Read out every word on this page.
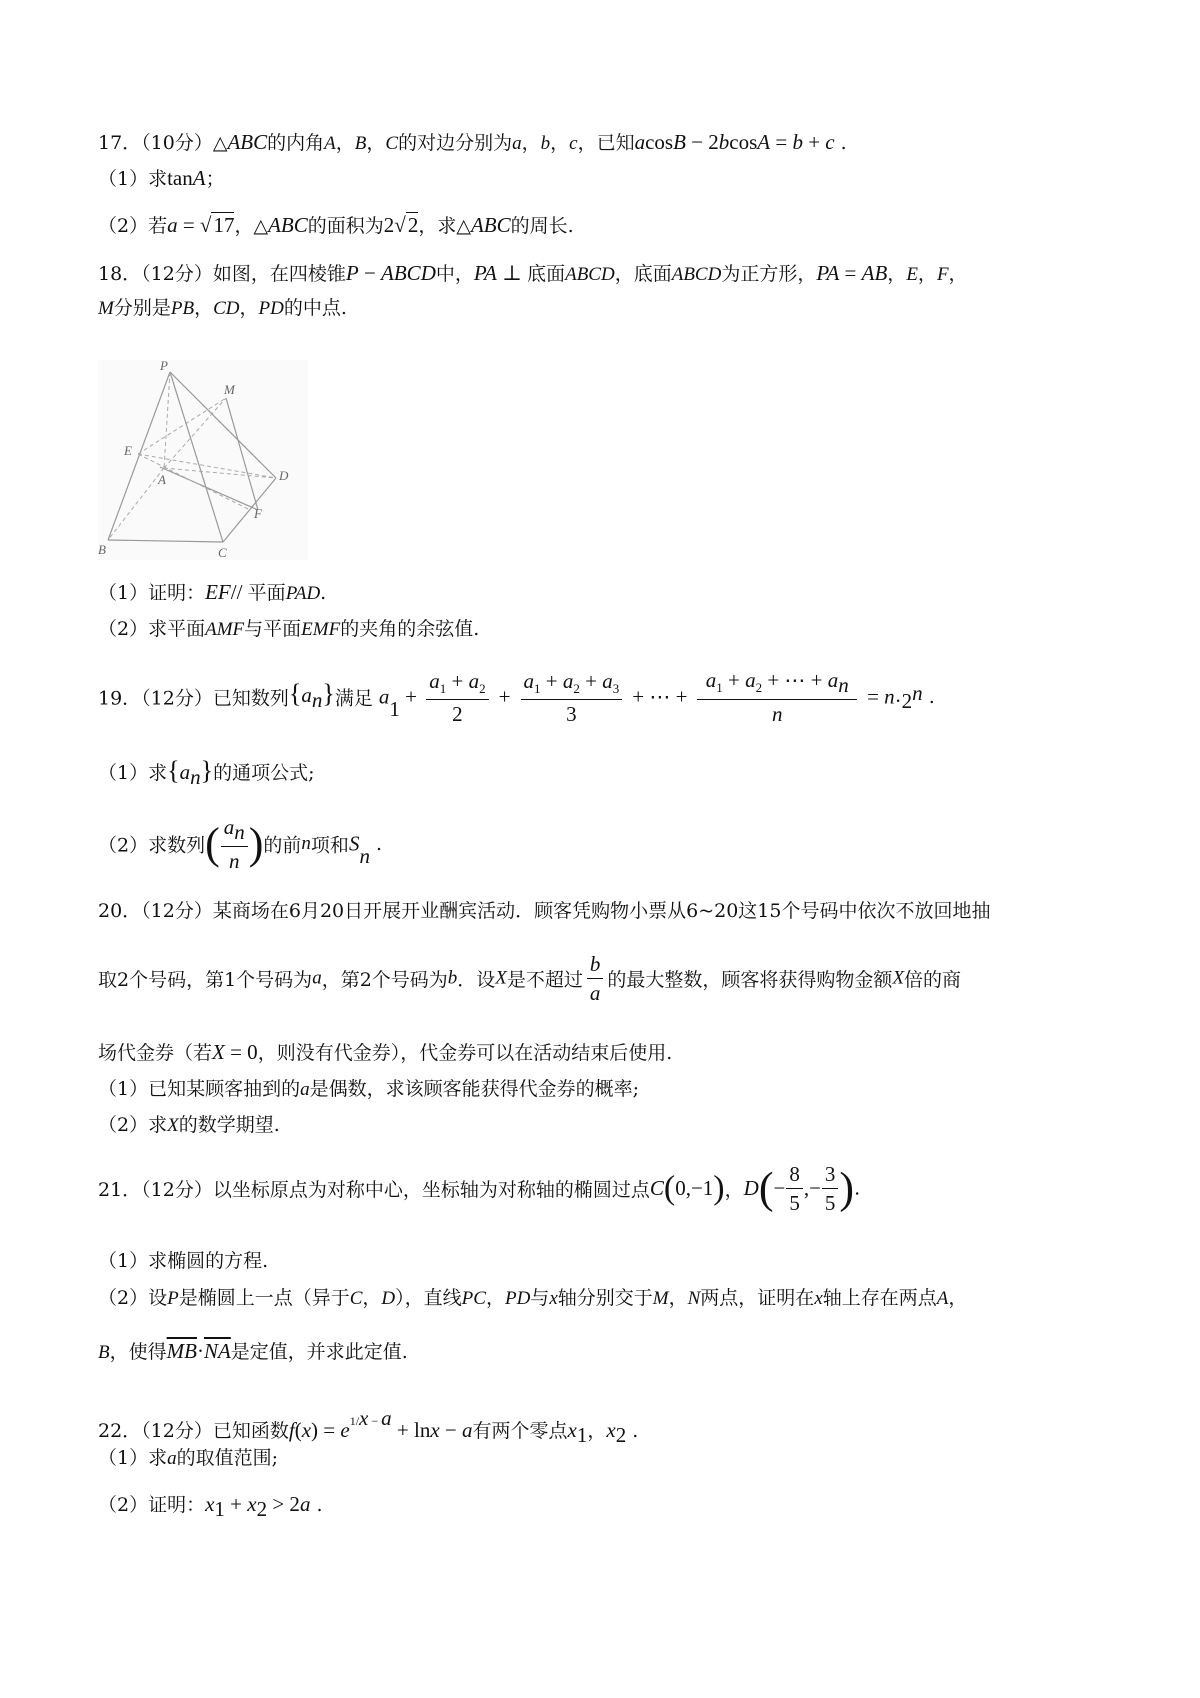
17．（10分）△ABC的内角A，B，C的对边分别为a，b，c，已知acosB − 2bcosA = b + c .
（1）求tanA；
（2）若a = √17，△ABC的面积为2√2，求△ABC的周长.
18．（12分）如图，在四棱锥P − ABCD中，PA ⊥ 底面ABCD，底面ABCD为正方形，PA = AB，E，F，
M分别是PB，CD，PD的中点.
P
M
E
D
A
F
B	C
（1）证明：EF// 平面PAD.
（2）求平面AMF与平面EMF的夹角的余弦值.
19．（12分）已知数列$\{a_n\}$满足 $a_1 + \frac{a_1 + a_2}{2} + \frac{a_1 + a_2 + a_3}{3}$ + ⋯ + $\frac{a_1 + a_2 + \cdots + a_n}{n} = n\cdot 2^n$ .
（1）求$\{a_n\}$的通项公式;
（2）求数列( $\frac{a_n}{n}$ )的前n项和$S_n$ .
20．（12分）某商场在6月20日开展开业酬宾活动．顾客凭购物小票从6~20这15个号码中依次不放回地抽
取2个号码，第1个号码为a，第2个号码为b．设X是不超过 $\frac{b}{a}$ 的最大整数，顾客将获得购物金额X倍的商
场代金券（若X = 0，则没有代金券），代金券可以在活动结束后使用.
（1）已知某顾客抽到的a是偶数，求该顾客能获得代金券的概率;
（2）求X的数学期望.
21．（12分）以坐标原点为对称中心，坐标轴为对称轴的椭圆过点C(0,−1)，$D(- \frac{8}{5}$ ,− $\frac{3}{5}$ ).
（1）求椭圆的方程.
（2）设P是椭圆上一点（异于C，D），直线PC，PD与x轴分别交于M，N两点，证明在x轴上存在两点A，
B，使得$\overline{MB}\cdot\overline{NA}$是定值，并求此定值.
22．（12分）已知函数$f(x) = e^{1/x - a} + \ln x - a$有两个零点$x_1$，$x_2$ .
（1）求a的取值范围;
（2）证明：$x_1 + x_2 > 2a$ .
